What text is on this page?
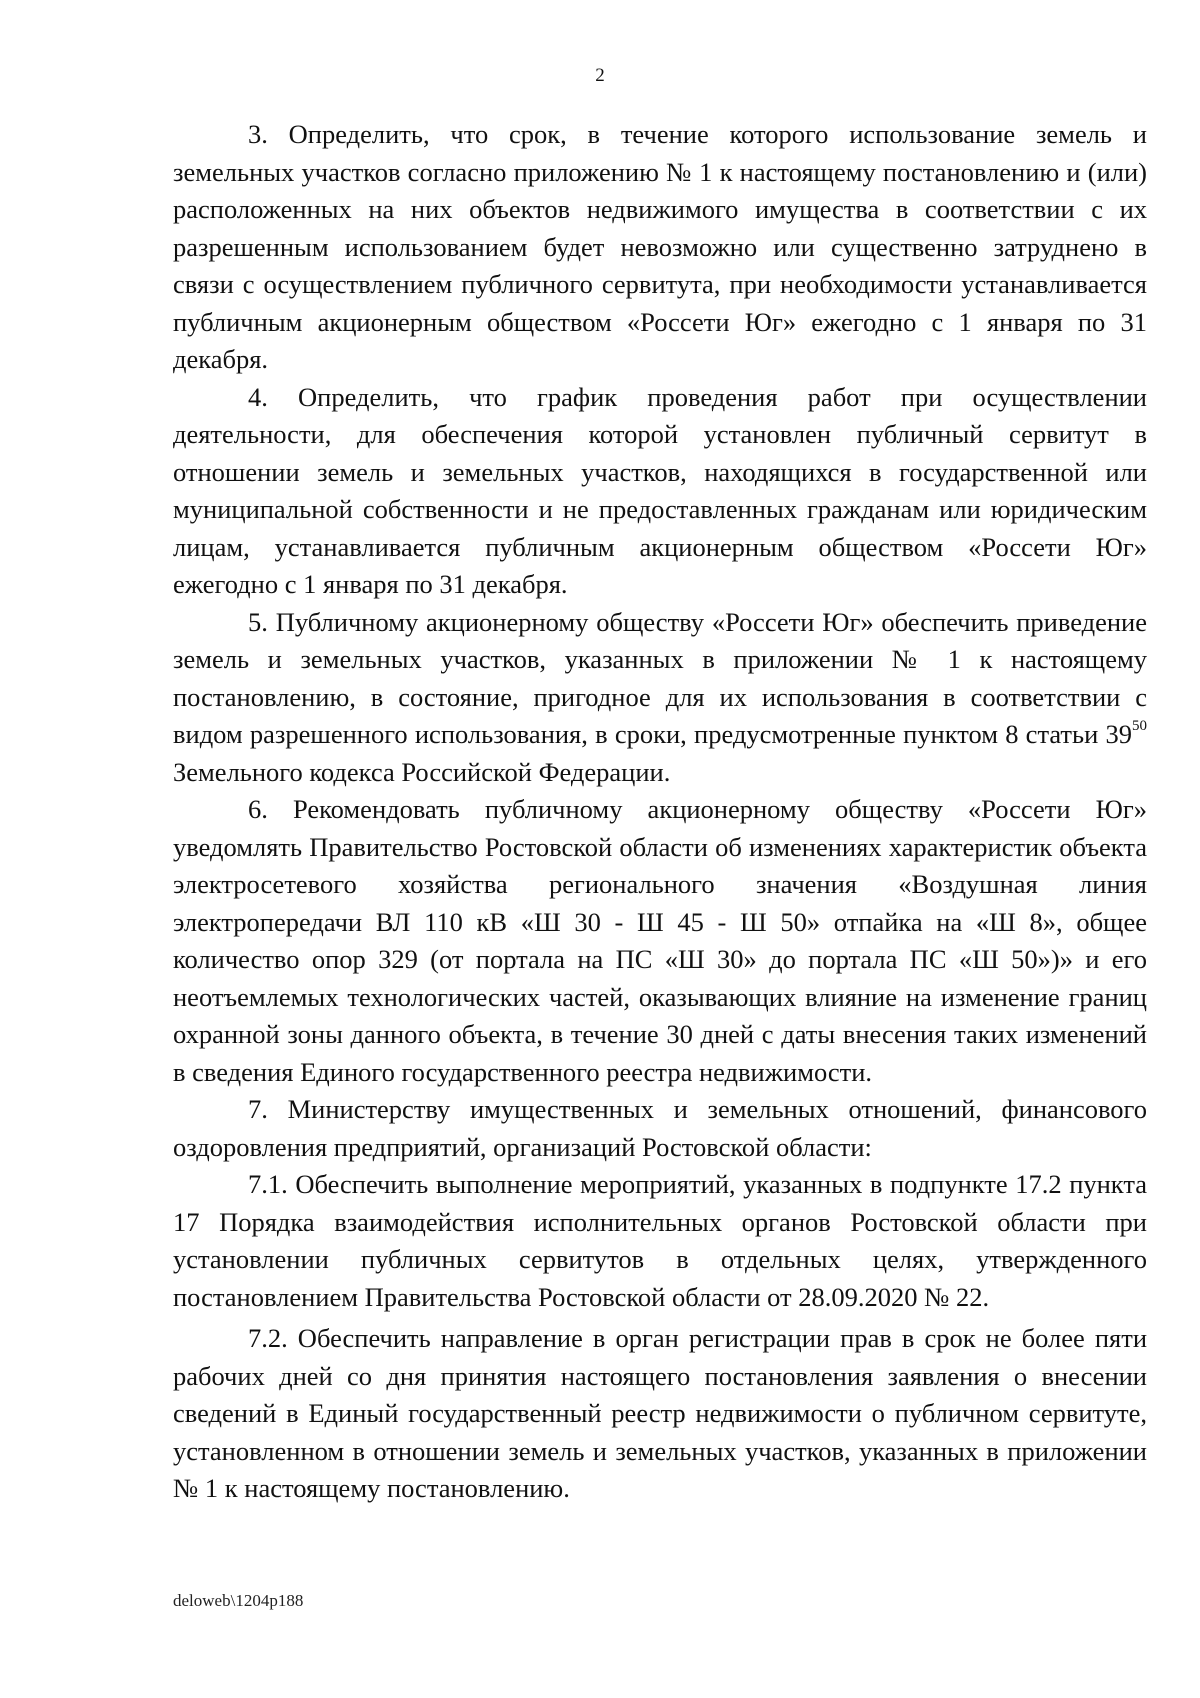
2

3. Определить, что срок, в течение которого использование земель и земельных участков согласно приложению № 1 к настоящему постановлению и (или) расположенных на них объектов недвижимого имущества в соответствии с их разрешенным использованием будет невозможно или существенно затруднено в связи с осуществлением публичного сервитута, при необходимости устанавливается публичным акционерным обществом «Россети Юг» ежегодно с 1 января по 31 декабря.

4. Определить, что график проведения работ при осуществлении деятельности, для обеспечения которой установлен публичный сервитут в отношении земель и земельных участков, находящихся в государственной или муниципальной собственности и не предоставленных гражданам или юридическим лицам, устанавливается публичным акционерным обществом «Россети Юг» ежегодно с 1 января по 31 декабря.

5. Публичному акционерному обществу «Россети Юг» обеспечить приведение земель и земельных участков, указанных в приложении № 1 к настоящему постановлению, в состояние, пригодное для их использования в соответствии с видом разрешенного использования, в сроки, предусмотренные пунктом 8 статьи $39^{50}$ Земельного кодекса Российской Федерации.

6. Рекомендовать публичному акционерному обществу «Россети Юг» уведомлять Правительство Ростовской области об изменениях характеристик объекта электросетевого хозяйства регионального значения «Воздушная линия электропередачи ВЛ 110 кВ «Ш 30 - Ш 45 - Ш 50» отпайка на «Ш 8», общее количество опор 329 (от портала на ПС «Ш 30» до портала ПС «Ш 50»)» и его неотъемлемых технологических частей, оказывающих влияние на изменение границ охранной зоны данного объекта, в течение 30 дней с даты внесения таких изменений в сведения Единого государственного реестра недвижимости.

7. Министерству имущественных и земельных отношений, финансового оздоровления предприятий, организаций Ростовской области:

7.1. Обеспечить выполнение мероприятий, указанных в подпункте 17.2 пункта 17 Порядка взаимодействия исполнительных органов Ростовской области при установлении публичных сервитутов в отдельных целях, утвержденного постановлением Правительства Ростовской области от 28.09.2020 № 22.

7.2. Обеспечить направление в орган регистрации прав в срок не более пяти рабочих дней со дня принятия настоящего постановления заявления о внесении сведений в Единый государственный реестр недвижимости о публичном сервитуте, установленном в отношении земель и земельных участков, указанных в приложении № 1 к настоящему постановлению.

deloweb\1204p188
